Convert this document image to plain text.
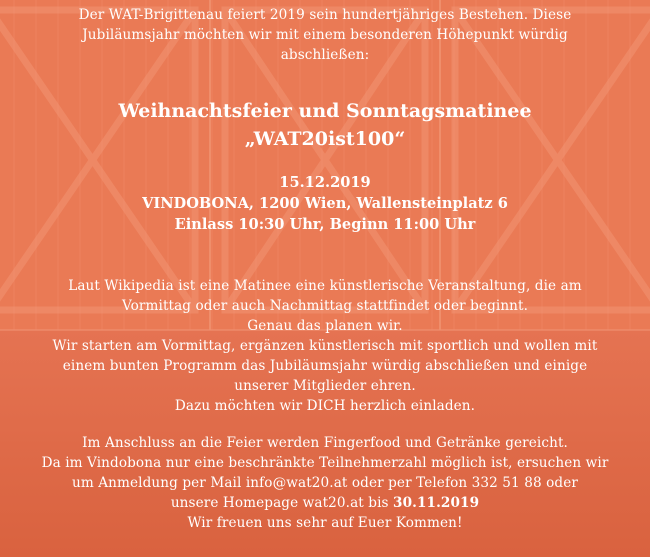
Der WAT-Brigittenau feiert 2019 sein hundertjähriges Bestehen. Diese
Jubiläumsjahr möchten wir mit einem besonderen Höhepunkt würdig
abschließen:
Weihnachtsfeier und Sonntagsmatinee
„WAT20ist100“
15.12.2019
VINDOBONA, 1200 Wien, Wallensteinplatz 6
Einlass 10:30 Uhr, Beginn 11:00 Uhr
Laut Wikipedia ist eine Matinee eine künstlerische Veranstaltung, die am
Vormittag oder auch Nachmittag stattfindet oder beginnt.
Genau das planen wir.
Wir starten am Vormittag, ergänzen künstlerisch mit sportlich und wollen mit
einem bunten Programm das Jubiläumsjahr würdig abschließen und einige
unserer Mitglieder ehren.
Dazu möchten wir DICH herzlich einladen.
Im Anschluss an die Feier werden Fingerfood und Getränke gereicht.
Da im Vindobona nur eine beschränkte Teilnehmerzahl möglich ist, ersuchen wir
um Anmeldung per Mail info@wat20.at oder per Telefon 332 51 88 oder
unsere Homepage wat20.at bis 30.11.2019
Wir freuen uns sehr auf Euer Kommen!
